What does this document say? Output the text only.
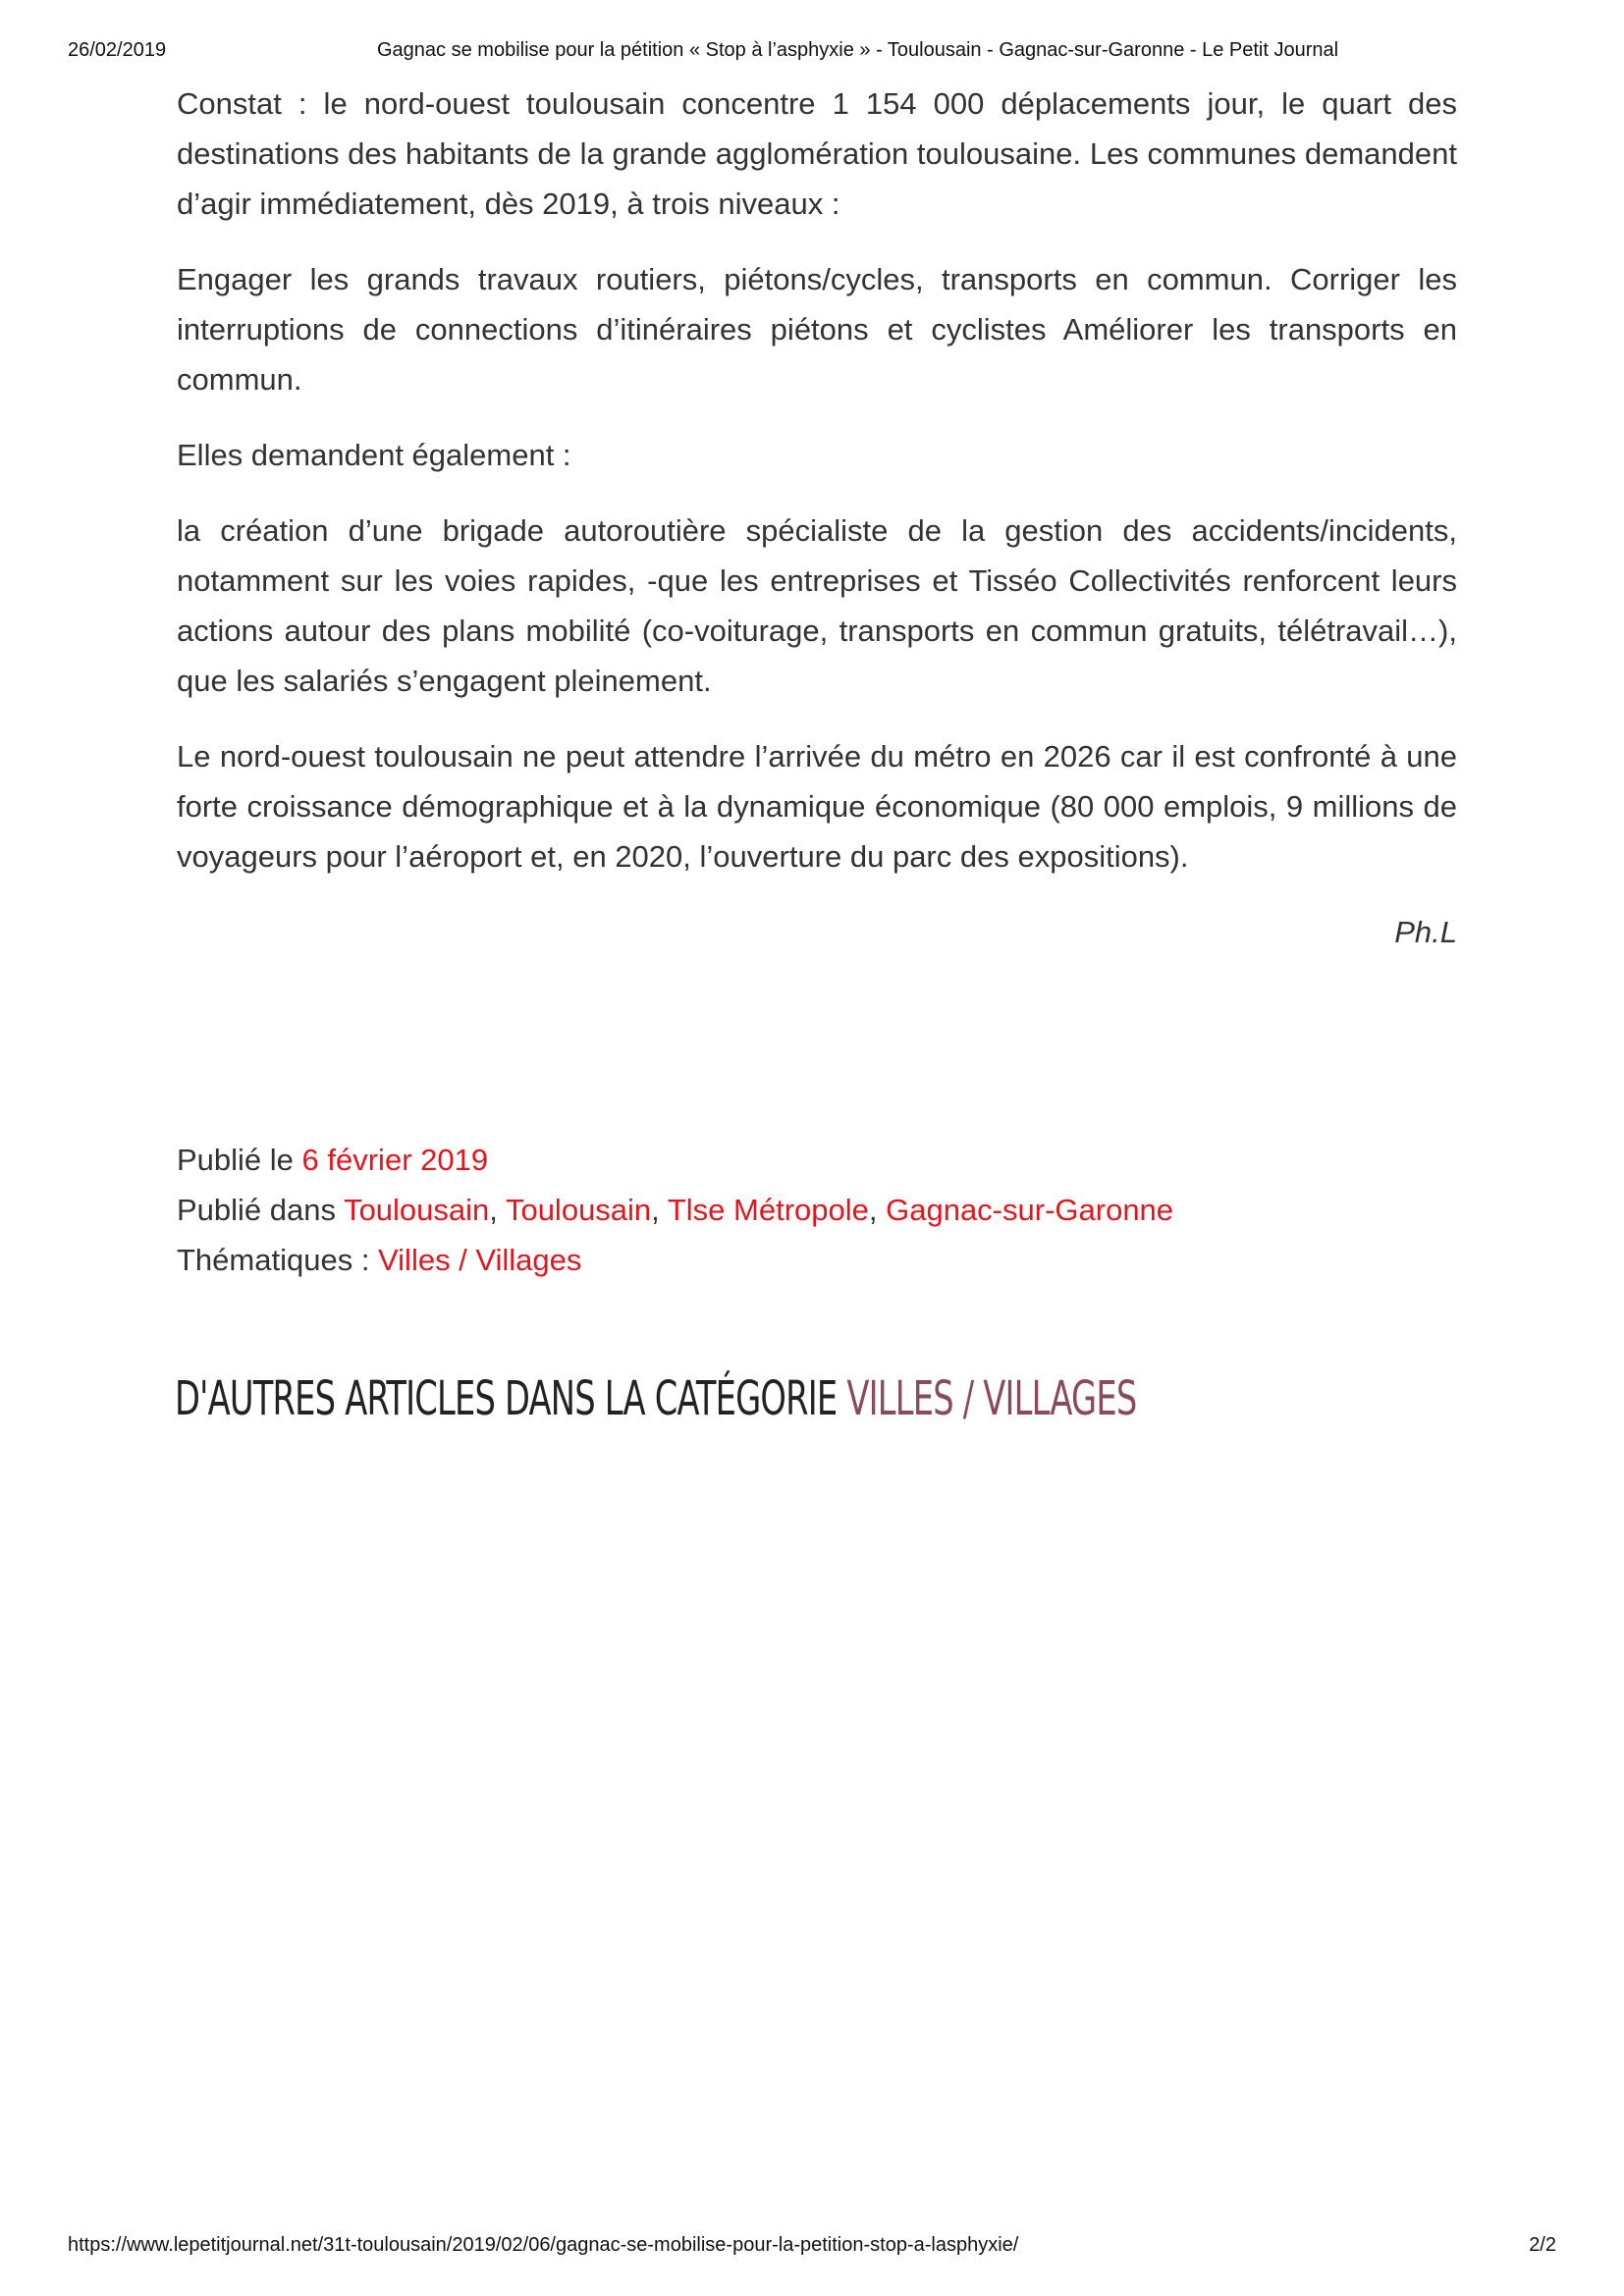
26/02/2019	Gagnac se mobilise pour la pétition « Stop à l’asphyxie » - Toulousain - Gagnac-sur-Garonne - Le Petit Journal

Constat : le nord-ouest toulousain concentre 1 154 000 déplacements jour, le quart des destinations des habitants de la grande agglomération toulousaine. Les communes demandent d’agir immédiatement, dès 2019, à trois niveaux :

Engager les grands travaux routiers, piétons/cycles, transports en commun. Corriger les interruptions de connections d’itinéraires piétons et cyclistes Améliorer les transports en commun.

Elles demandent également :

la création d’une brigade autoroutière spécialiste de la gestion des accidents/incidents, notamment sur les voies rapides, -que les entreprises et Tisséo Collectivités renforcent leurs actions autour des plans mobilité (co-voiturage, transports en commun gratuits, télétravail…), que les salariés s’engagent pleinement.

Le nord-ouest toulousain ne peut attendre l’arrivée du métro en 2026 car il est confronté à une forte croissance démographique et à la dynamique économique (80 000 emplois, 9 millions de voyageurs pour l’aéroport et, en 2020, l’ouverture du parc des expositions).

Ph.L

Publié le 6 février 2019
Publié dans Toulousain, Toulousain, Tlse Métropole, Gagnac-sur-Garonne
Thématiques : Villes / Villages
D'AUTRES ARTICLES DANS LA CATÉGORIE VILLES / VILLAGES
https://www.lepetitjournal.net/31t-toulousain/2019/02/06/gagnac-se-mobilise-pour-la-petition-stop-a-lasphyxie/	2/2
